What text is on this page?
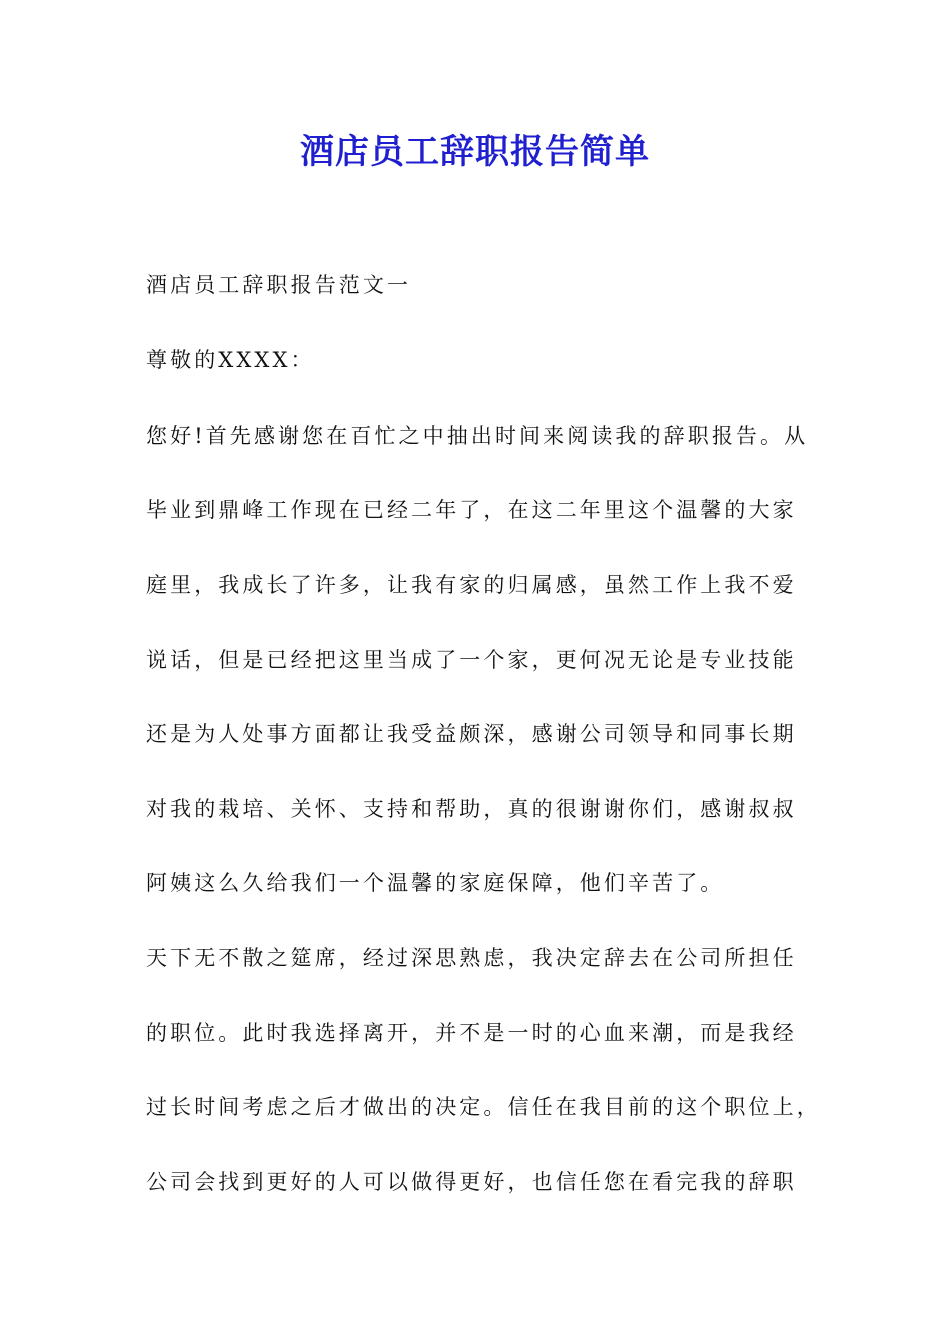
酒店员工辞职报告简单
酒店员工辞职报告范文一
尊敬的XXXX：
您好!首先感谢您在百忙之中抽出时间来阅读我的辞职报告。从
毕业到鼎峰工作现在已经二年了，在这二年里这个温馨的大家
庭里，我成长了许多，让我有家的归属感，虽然工作上我不爱
说话，但是已经把这里当成了一个家，更何况无论是专业技能
还是为人处事方面都让我受益颇深，感谢公司领导和同事长期
对我的栽培、关怀、支持和帮助，真的很谢谢你们，感谢叔叔
阿姨这么久给我们一个温馨的家庭保障，他们辛苦了。
天下无不散之筵席，经过深思熟虑，我决定辞去在公司所担任
的职位。此时我选择离开，并不是一时的心血来潮，而是我经
过长时间考虑之后才做出的决定。信任在我目前的这个职位上，
公司会找到更好的人可以做得更好，也信任您在看完我的辞职
